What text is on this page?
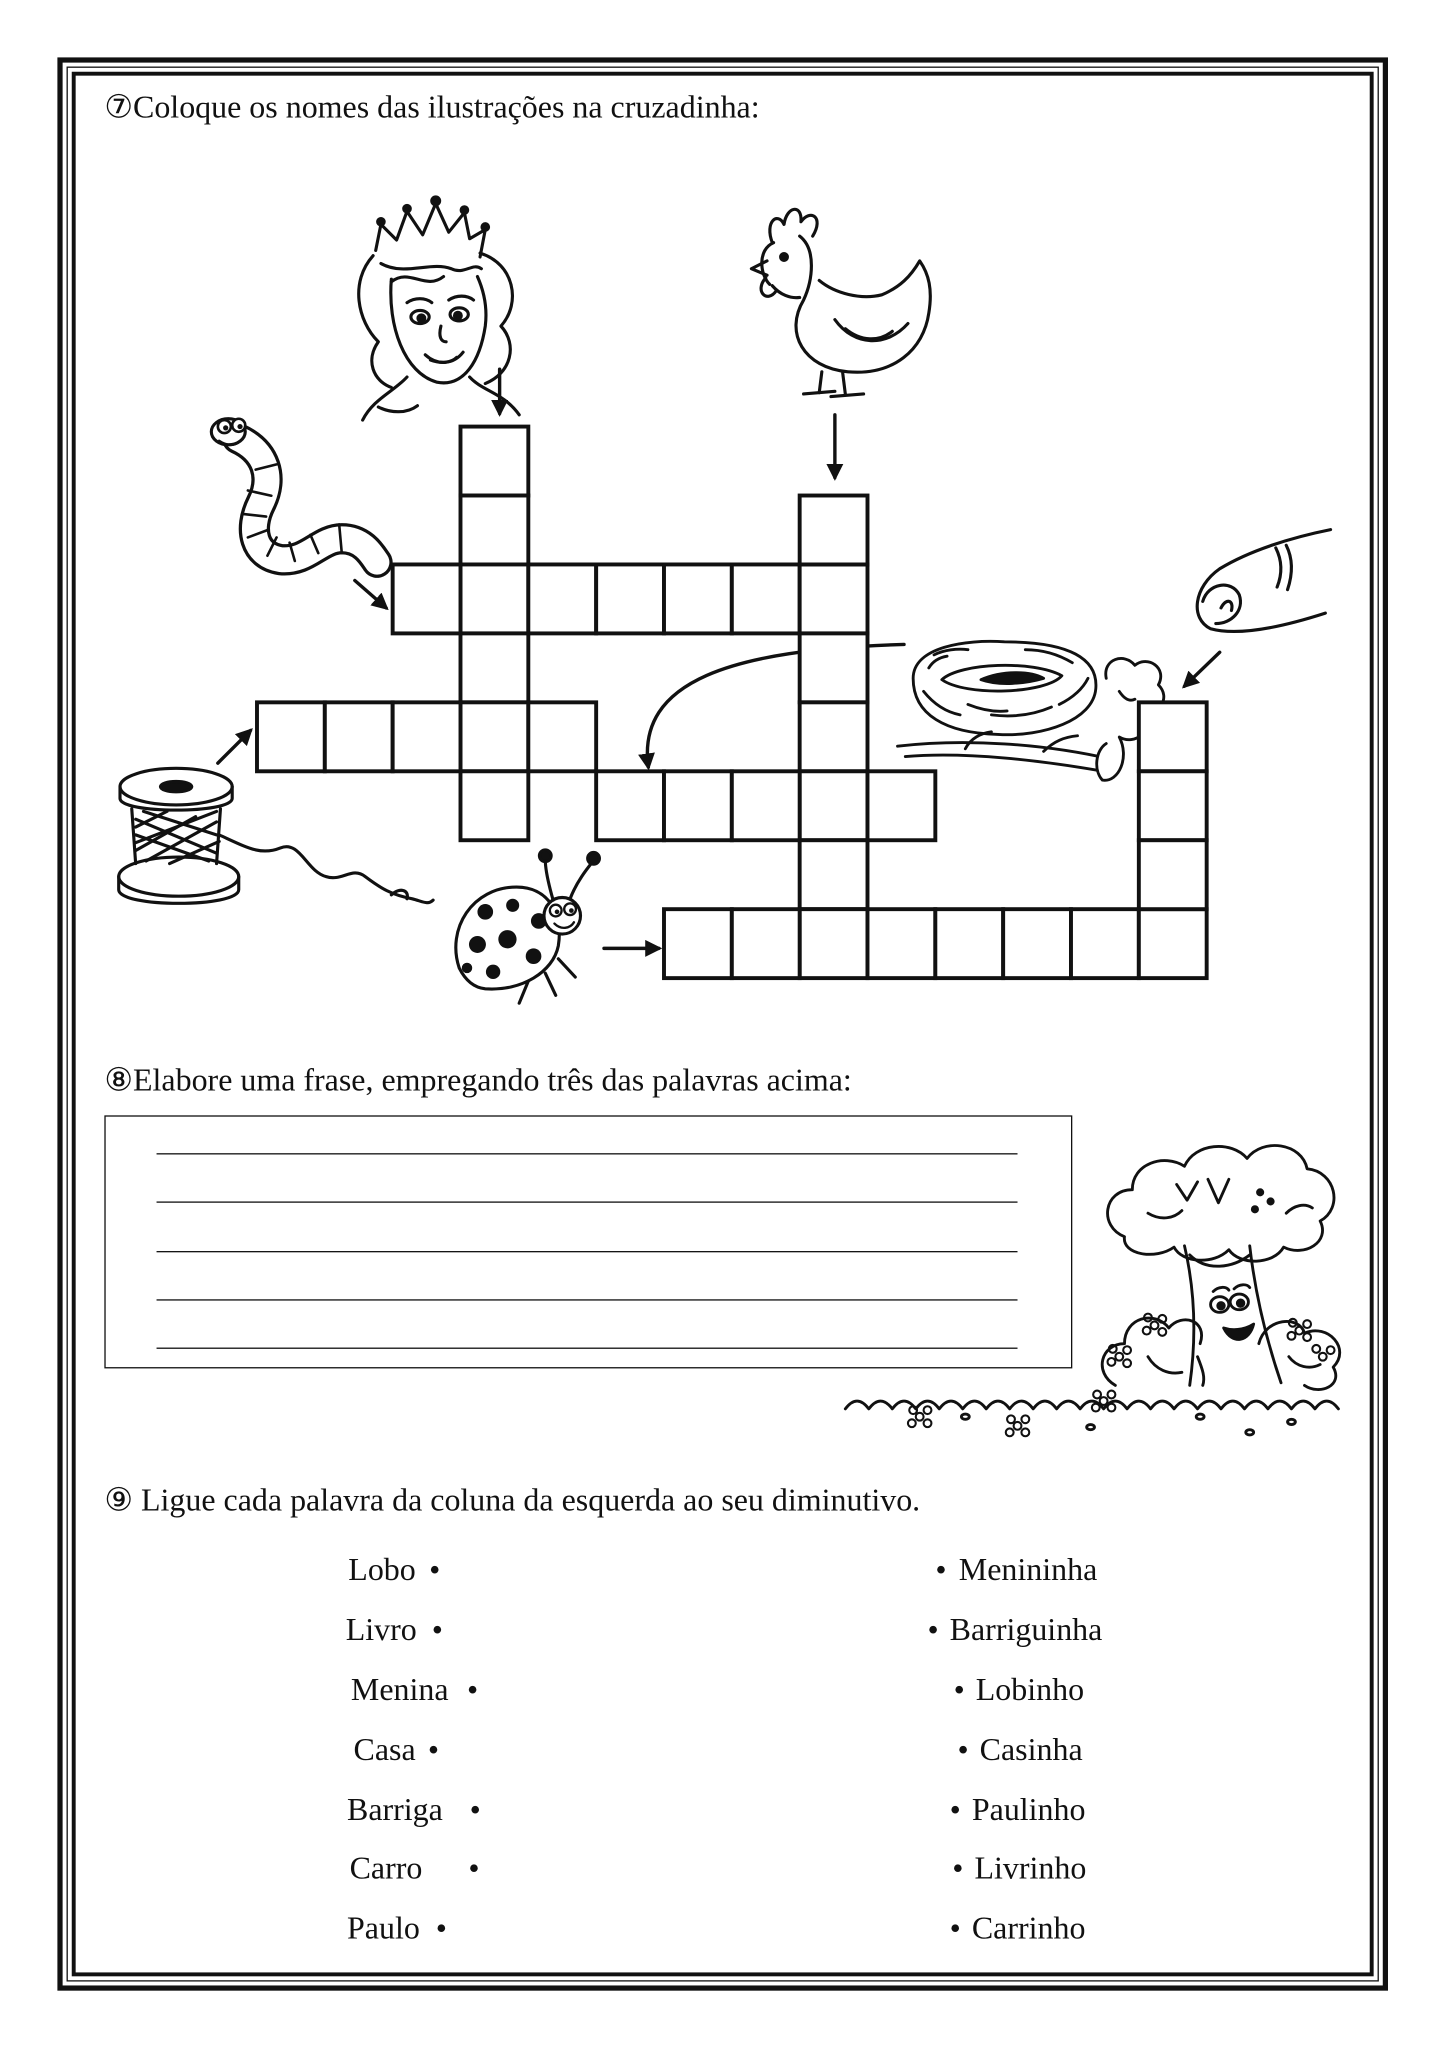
⑦Coloque os nomes das ilustrações na cruzadinha:
⑧Elabore uma frase, empregando três das palavras acima:
⑨ Ligue cada palavra da coluna da esquerda ao seu diminutivo.
Lobo •
Livro •
Menina •
Casa •
Barriga •
Carro •
Paulo •
• Menininha
• Barriguinha
• Lobinho
• Casinha
• Paulinho
• Livrinho
• Carrinho
